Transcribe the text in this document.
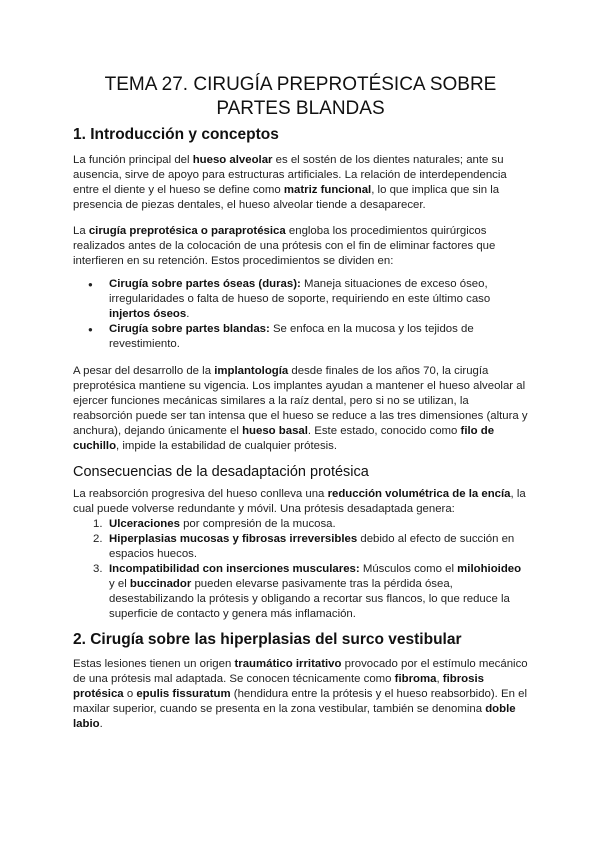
TEMA 27. CIRUGÍA PREPROTÉSICA SOBRE PARTES BLANDAS
1. Introducción y conceptos

La función principal del hueso alveolar es el sostén de los dientes naturales; ante su ausencia, sirve de apoyo para estructuras artificiales. La relación de interdependencia entre el diente y el hueso se define como matriz funcional, lo que implica que sin la presencia de piezas dentales, el hueso alveolar tiende a desaparecer.

La cirugía preprotésica o paraprotésica engloba los procedimientos quirúrgicos realizados antes de la colocación de una prótesis con el fin de eliminar factores que interfieren en su retención. Estos procedimientos se dividen en:

● Cirugía sobre partes óseas (duras): Maneja situaciones de exceso óseo, irregularidades o falta de hueso de soporte, requiriendo en este último caso injertos óseos.
● Cirugía sobre partes blandas: Se enfoca en la mucosa y los tejidos de revestimiento.

A pesar del desarrollo de la implantología desde finales de los años 70, la cirugía preprotésica mantiene su vigencia. Los implantes ayudan a mantener el hueso alveolar al ejercer funciones mecánicas similares a la raíz dental, pero si no se utilizan, la reabsorción puede ser tan intensa que el hueso se reduce a las tres dimensiones (altura y anchura), dejando únicamente el hueso basal. Este estado, conocido como filo de cuchillo, impide la estabilidad de cualquier prótesis.

Consecuencias de la desadaptación protésica

La reabsorción progresiva del hueso conlleva una reducción volumétrica de la encía, la cual puede volverse redundante y móvil. Una prótesis desadaptada genera:

1. Ulceraciones por compresión de la mucosa.
2. Hiperplasias mucosas y fibrosas irreversibles debido al efecto de succión en espacios huecos.
3. Incompatibilidad con inserciones musculares: Músculos como el milohioideo y el buccinador pueden elevarse pasivamente tras la pérdida ósea, desestabilizando la prótesis y obligando a recortar sus flancos, lo que reduce la superficie de contacto y genera más inflamación.
2. Cirugía sobre las hiperplasias del surco vestibular

Estas lesiones tienen un origen traumático irritativo provocado por el estímulo mecánico de una prótesis mal adaptada. Se conocen técnicamente como fibroma, fibrosis protésica o epulis fissuratum (hendidura entre la prótesis y el hueso reabsorbido). En el maxilar superior, cuando se presenta en la zona vestibular, también se denomina doble labio.
